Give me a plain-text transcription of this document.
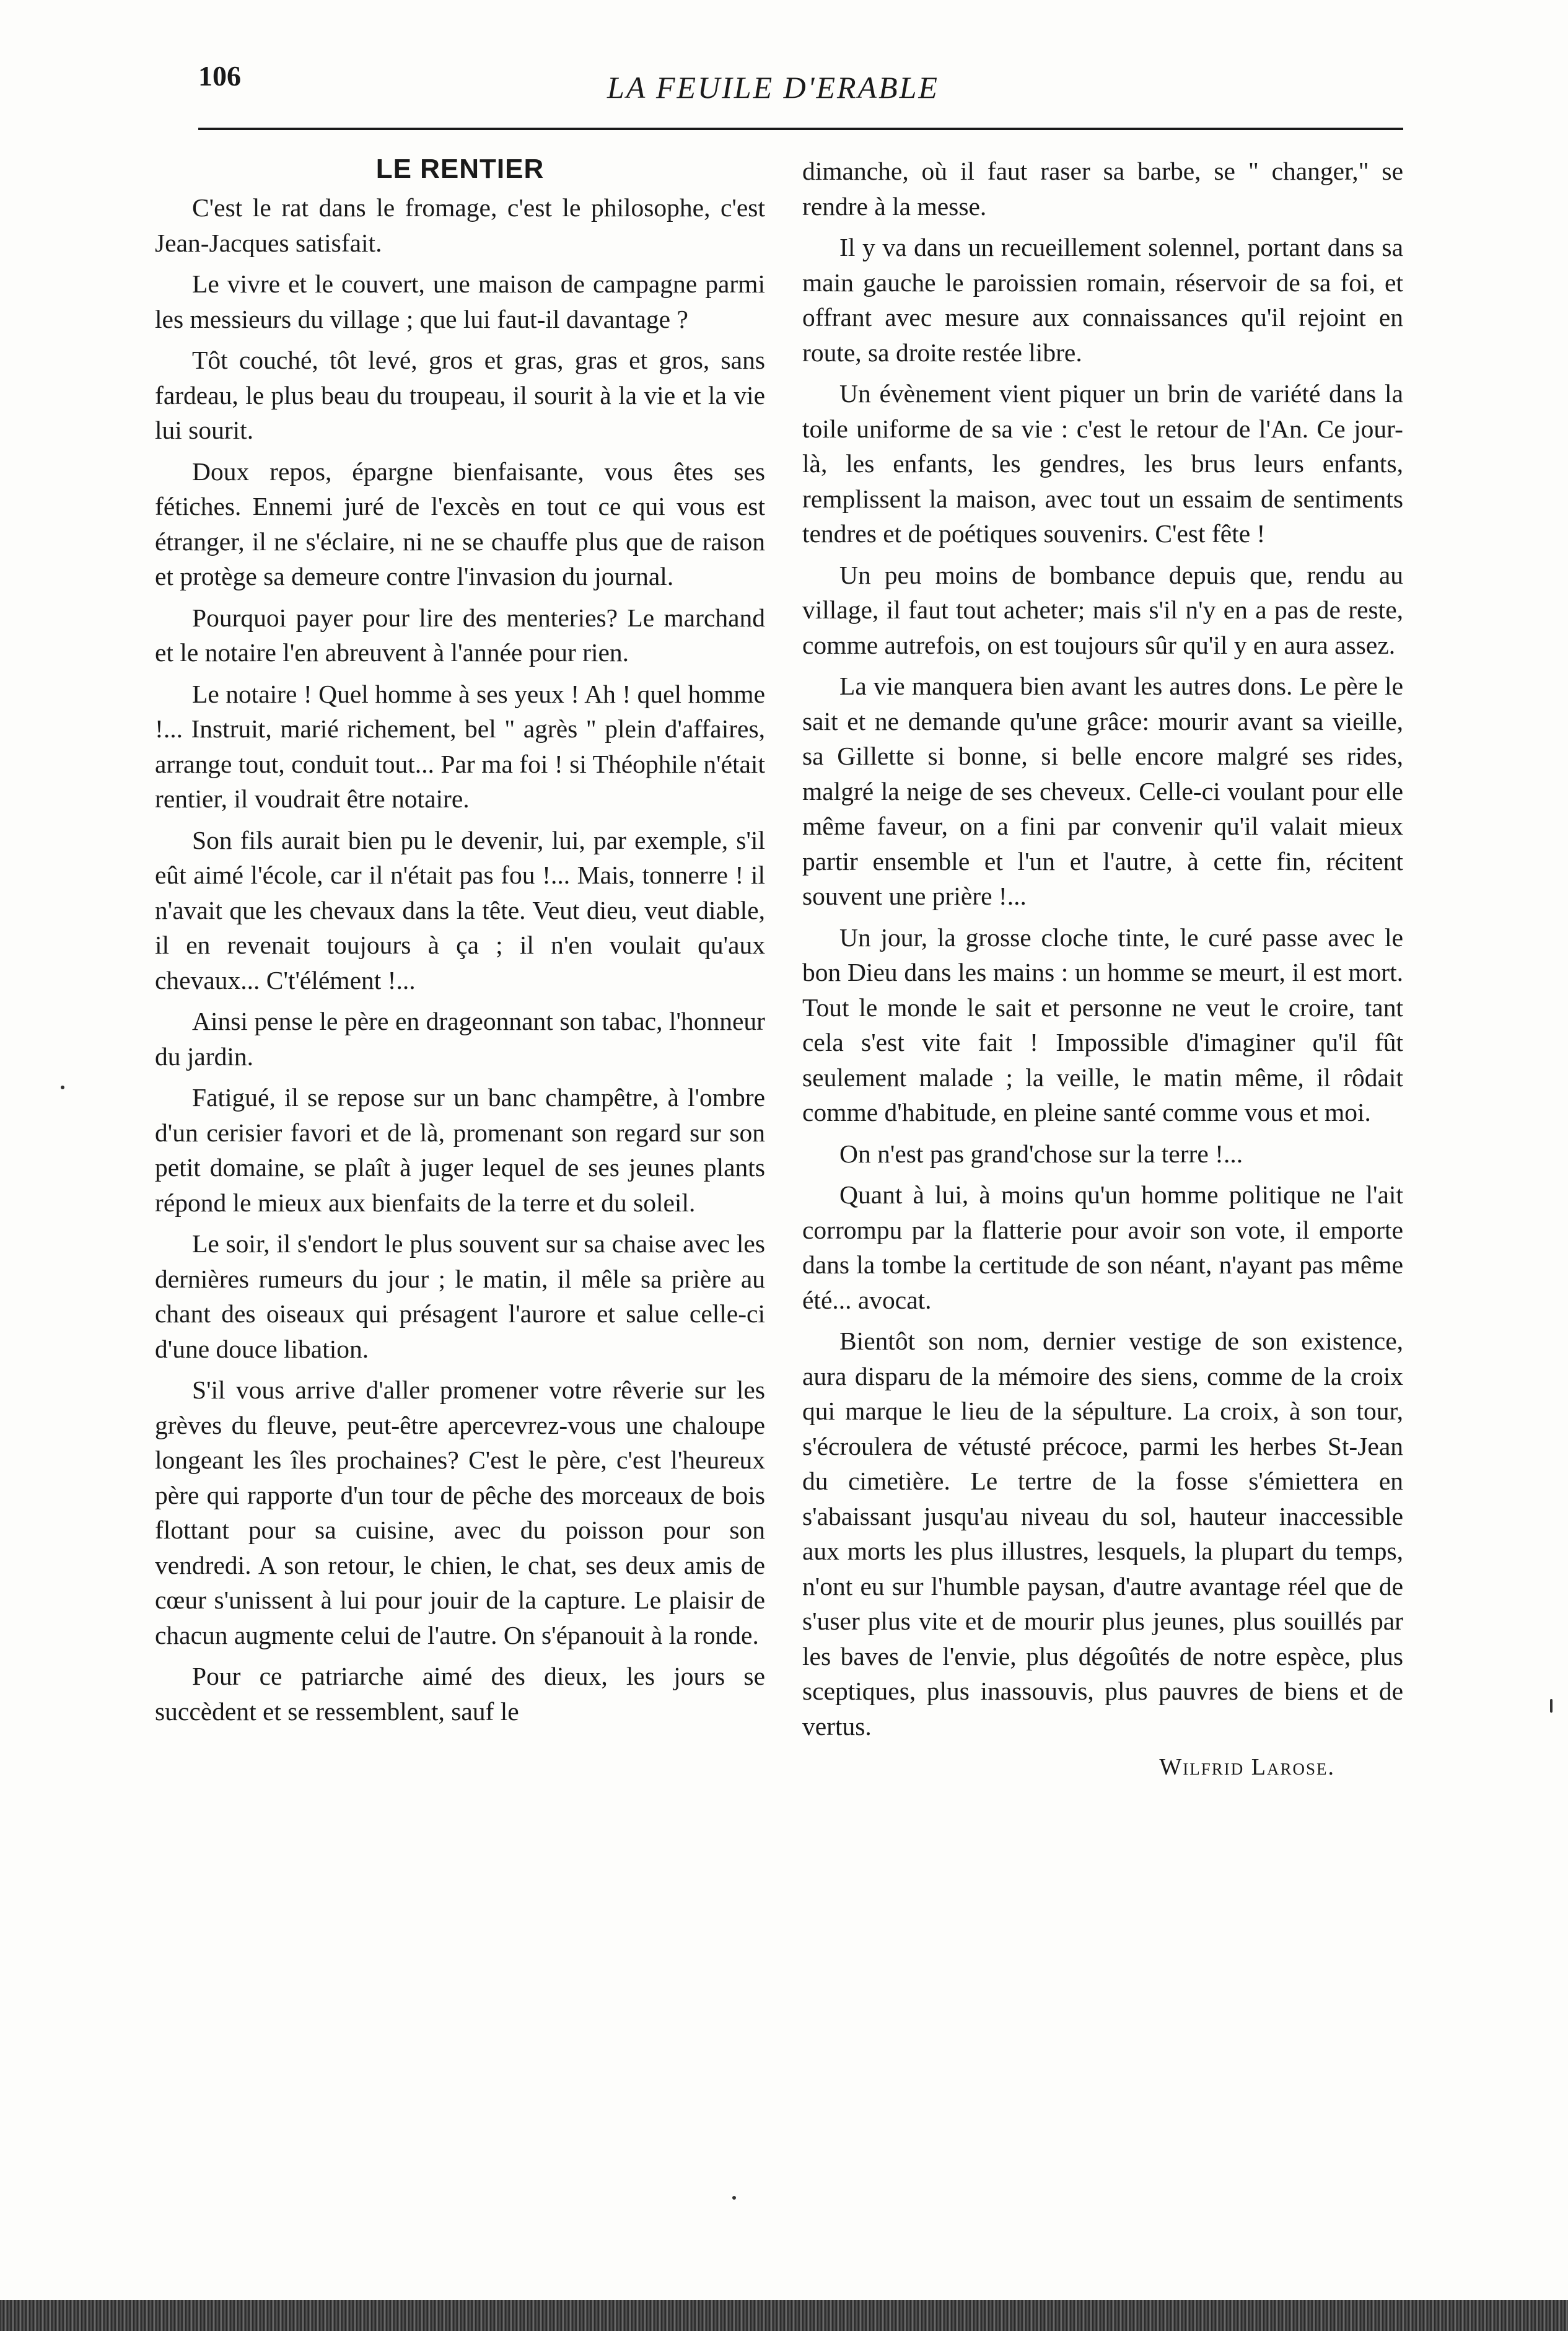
106	LA FEUILE D'ERABLE
LE RENTIER

C'est le rat dans le fromage, c'est le philosophe, c'est Jean-Jacques satisfait.

Le vivre et le couvert, une maison de campagne parmi les messieurs du village ; que lui faut-il davantage ?

Tôt couché, tôt levé, gros et gras, gras et gros, sans fardeau, le plus beau du troupeau, il sourit à la vie et la vie lui sourit.

Doux repos, épargne bienfaisante, vous êtes ses fétiches. Ennemi juré de l'excès en tout ce qui vous est étranger, il ne s'éclaire, ni ne se chauffe plus que de raison et protège sa demeure contre l'invasion du journal.

Pourquoi payer pour lire des menteries? Le marchand et le notaire l'en abreuvent à l'année pour rien.

Le notaire ! Quel homme à ses yeux ! Ah ! quel homme !... Instruit, marié richement, bel " agrès " plein d'affaires, arrange tout, conduit tout... Par ma foi ! si Théophile n'était rentier, il voudrait être notaire.

Son fils aurait bien pu le devenir, lui, par exemple, s'il eût aimé l'école, car il n'était pas fou !... Mais, tonnerre ! il n'avait que les chevaux dans la tête. Veut dieu, veut diable, il en revenait toujours à ça ; il n'en voulait qu'aux chevaux... C't'élément !...

Ainsi pense le père en drageonnant son tabac, l'honneur du jardin.

Fatigué, il se repose sur un banc champêtre, à l'ombre d'un cerisier favori et de là, promenant son regard sur son petit domaine, se plaît à juger lequel de ses jeunes plants répond le mieux aux bienfaits de la terre et du soleil.

Le soir, il s'endort le plus souvent sur sa chaise avec les dernières rumeurs du jour ; le matin, il mêle sa prière au chant des oiseaux qui présagent l'aurore et salue celle-ci d'une douce libation.

S'il vous arrive d'aller promener votre rêverie sur les grèves du fleuve, peut-être apercevrez-vous une chaloupe longeant les îles prochaines? C'est le père, c'est l'heureux père qui rapporte d'un tour de pêche des morceaux de bois flottant pour sa cuisine, avec du poisson pour son vendredi. A son retour, le chien, le chat, ses deux amis de cœur s'unissent à lui pour jouir de la capture. Le plaisir de chacun augmente celui de l'autre. On s'épanouit à la ronde.

Pour ce patriarche aimé des dieux, les jours se succèdent et se ressemblent, sauf le

dimanche, où il faut raser sa barbe, se " changer," se rendre à la messe.

Il y va dans un recueillement solennel, portant dans sa main gauche le paroissien romain, réservoir de sa foi, et offrant avec mesure aux connaissances qu'il rejoint en route, sa droite restée libre.

Un évènement vient piquer un brin de variété dans la toile uniforme de sa vie : c'est le retour de l'An. Ce jour-là, les enfants, les gendres, les brus leurs enfants, remplissent la maison, avec tout un essaim de sentiments tendres et de poétiques souvenirs. C'est fête !

Un peu moins de bombance depuis que, rendu au village, il faut tout acheter; mais s'il n'y en a pas de reste, comme autrefois, on est toujours sûr qu'il y en aura assez.

La vie manquera bien avant les autres dons. Le père le sait et ne demande qu'une grâce: mourir avant sa vieille, sa Gillette si bonne, si belle encore malgré ses rides, malgré la neige de ses cheveux. Celle-ci voulant pour elle même faveur, on a fini par convenir qu'il valait mieux partir ensemble et l'un et l'autre, à cette fin, récitent souvent une prière !...

Un jour, la grosse cloche tinte, le curé passe avec le bon Dieu dans les mains : un homme se meurt, il est mort. Tout le monde le sait et personne ne veut le croire, tant cela s'est vite fait ! Impossible d'imaginer qu'il fût seulement malade ; la veille, le matin même, il rôdait comme d'habitude, en pleine santé comme vous et moi.

On n'est pas grand'chose sur la terre !...

Quant à lui, à moins qu'un homme politique ne l'ait corrompu par la flatterie pour avoir son vote, il emporte dans la tombe la certitude de son néant, n'ayant pas même été... avocat.

Bientôt son nom, dernier vestige de son existence, aura disparu de la mémoire des siens, comme de la croix qui marque le lieu de la sépulture. La croix, à son tour, s'écroulera de vétusté précoce, parmi les herbes St-Jean du cimetière. Le tertre de la fosse s'émiettera en s'abaissant jusqu'au niveau du sol, hauteur inaccessible aux morts les plus illustres, lesquels, la plupart du temps, n'ont eu sur l'humble paysan, d'autre avantage réel que de s'user plus vite et de mourir plus jeunes, plus souillés par les baves de l'envie, plus dégoûtés de notre espèce, plus sceptiques, plus inassouvis, plus pauvres de biens et de vertus.

Wilfrid Larose.
